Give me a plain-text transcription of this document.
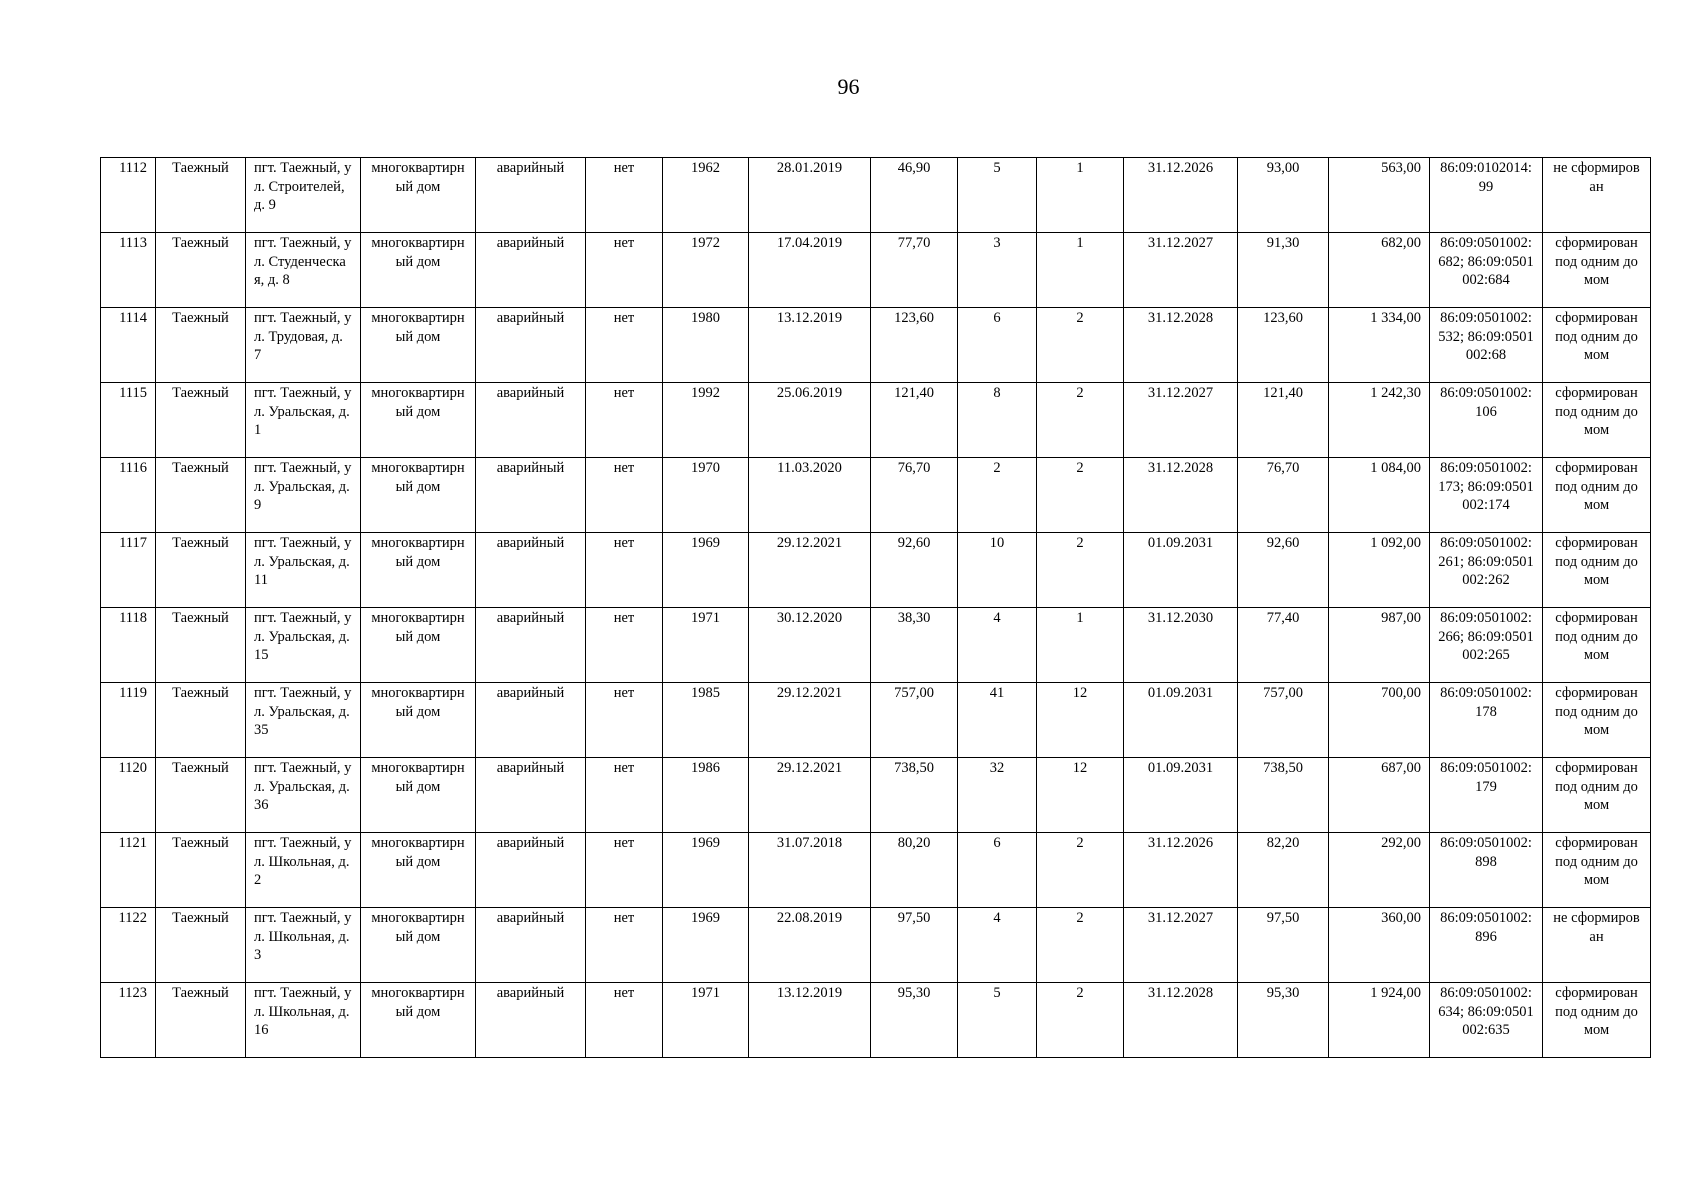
96
1112	Таежный	пгт. Таежный, ул. Строителей, д. 9	многоквартирный дом	аварийный	нет	1962	28.01.2019	46,90	5	1	31.12.2026	93,00	563,00	86:09:0102014:99	не сформирован
1113	Таежный	пгт. Таежный, ул. Студенческая, д. 8	многоквартирный дом	аварийный	нет	1972	17.04.2019	77,70	3	1	31.12.2027	91,30	682,00	86:09:0501002:682; 86:09:0501002:684	сформирован под одним домом
1114	Таежный	пгт. Таежный, ул. Трудовая, д. 7	многоквартирный дом	аварийный	нет	1980	13.12.2019	123,60	6	2	31.12.2028	123,60	1 334,00	86:09:0501002:532; 86:09:0501002:68	сформирован под одним домом
1115	Таежный	пгт. Таежный, ул. Уральская, д. 1	многоквартирный дом	аварийный	нет	1992	25.06.2019	121,40	8	2	31.12.2027	121,40	1 242,30	86:09:0501002:106	сформирован под одним домом
1116	Таежный	пгт. Таежный, ул. Уральская, д. 9	многоквартирный дом	аварийный	нет	1970	11.03.2020	76,70	2	2	31.12.2028	76,70	1 084,00	86:09:0501002:173; 86:09:0501002:174	сформирован под одним домом
1117	Таежный	пгт. Таежный, ул. Уральская, д. 11	многоквартирный дом	аварийный	нет	1969	29.12.2021	92,60	10	2	01.09.2031	92,60	1 092,00	86:09:0501002:261; 86:09:0501002:262	сформирован под одним домом
1118	Таежный	пгт. Таежный, ул. Уральская, д. 15	многоквартирный дом	аварийный	нет	1971	30.12.2020	38,30	4	1	31.12.2030	77,40	987,00	86:09:0501002:266; 86:09:0501002:265	сформирован под одним домом
1119	Таежный	пгт. Таежный, ул. Уральская, д. 35	многоквартирный дом	аварийный	нет	1985	29.12.2021	757,00	41	12	01.09.2031	757,00	700,00	86:09:0501002:178	сформирован под одним домом
1120	Таежный	пгт. Таежный, ул. Уральская, д. 36	многоквартирный дом	аварийный	нет	1986	29.12.2021	738,50	32	12	01.09.2031	738,50	687,00	86:09:0501002:179	сформирован под одним домом
1121	Таежный	пгт. Таежный, ул. Школьная, д. 2	многоквартирный дом	аварийный	нет	1969	31.07.2018	80,20	6	2	31.12.2026	82,20	292,00	86:09:0501002:898	сформирован под одним домом
1122	Таежный	пгт. Таежный, ул. Школьная, д. 3	многоквартирный дом	аварийный	нет	1969	22.08.2019	97,50	4	2	31.12.2027	97,50	360,00	86:09:0501002:896	не сформирован
1123	Таежный	пгт. Таежный, ул. Школьная, д. 16	многоквартирный дом	аварийный	нет	1971	13.12.2019	95,30	5	2	31.12.2028	95,30	1 924,00	86:09:0501002:634; 86:09:0501002:635	сформирован под одним домом
